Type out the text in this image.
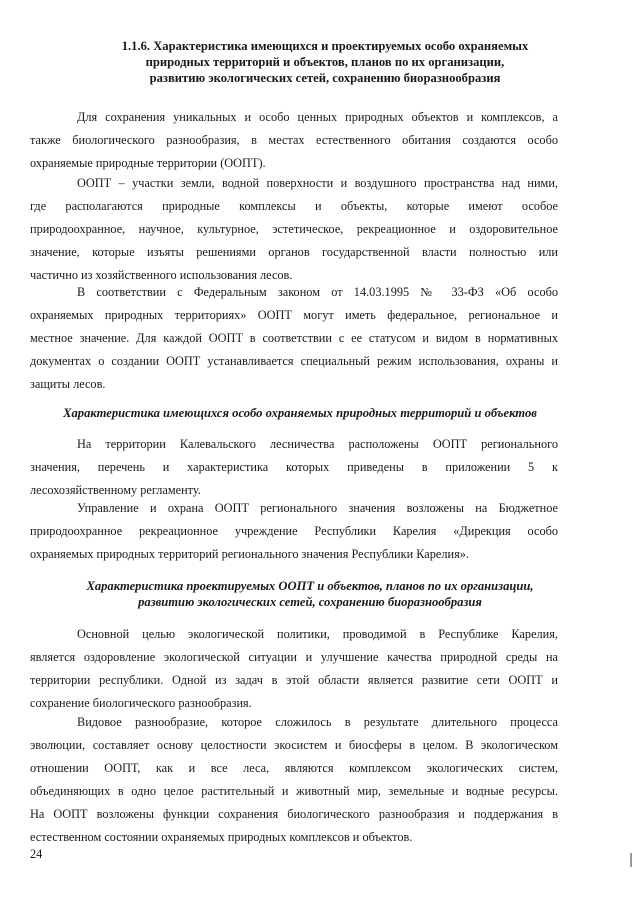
1.1.6. Характеристика имеющихся и проектируемых особо охраняемых
природных территорий и объектов, планов по их организации,
развитию экологических сетей, сохранению биоразнообразия
Для сохранения уникальных и особо ценных природных объектов и комплексов, а
также биологического разнообразия, в местах естественного обитания создаются особо
охраняемые природные территории (ООПТ).
ООПТ – участки земли, водной поверхности и воздушного пространства над ними,
где располагаются природные комплексы и объекты, которые имеют особое
природоохранное, научное, культурное, эстетическое, рекреационное и оздоровительное
значение, которые изъяты решениями органов государственной власти полностью или
частично из хозяйственного использования лесов.
В соответствии с Федеральным законом от 14.03.1995 № 33-ФЗ «Об особо
охраняемых природных территориях» ООПТ могут иметь федеральное, региональное и
местное значение. Для каждой ООПТ в соответствии с ее статусом и видом в нормативных
документах о создании ООПТ устанавливается специальный режим использования, охраны и
защиты лесов.
Характеристика имеющихся особо охраняемых природных территорий и объектов
На территории Калевальского лесничества расположены ООПТ регионального
значения, перечень и характеристика которых приведены в приложении 5 к
лесохозяйственному регламенту.
Управление и охрана ООПТ регионального значения возложены на Бюджетное
природоохранное рекреационное учреждение Республики Карелия «Дирекция особо
охраняемых природных территорий регионального значения Республики Карелия».
Характеристика проектируемых ООПТ и объектов, планов по их организации,
развитию экологических сетей, сохранению биоразнообразия
Основной целью экологической политики, проводимой в Республике Карелия,
является оздоровление экологической ситуации и улучшение качества природной среды на
территории республики. Одной из задач в этой области является развитие сети ООПТ и
сохранение биологического разнообразия.
Видовое разнообразие, которое сложилось в результате длительного процесса
эволюции, составляет основу целостности экосистем и биосферы в целом. В экологическом
отношении ООПТ, как и все леса, являются комплексом экологических систем,
объединяющих в одно целое растительный и животный мир, земельные и водные ресурсы.
На ООПТ возложены функции сохранения биологического разнообразия и поддержания в
естественном состоянии охраняемых природных комплексов и объектов.
24
